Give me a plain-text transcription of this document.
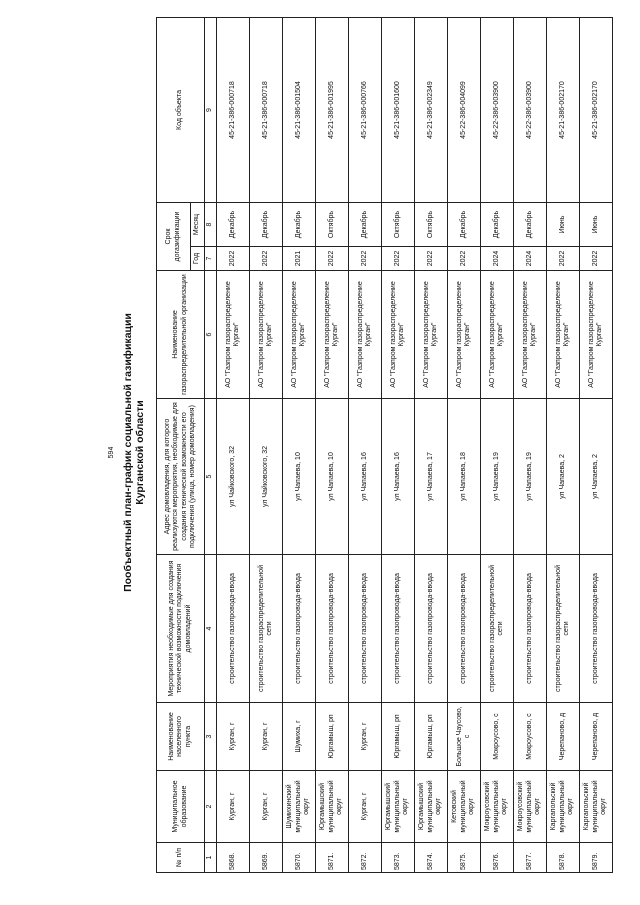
594 Пообъектный план-график социальной газификации Курганской области
№ п/п	Муниципальное образование	Наименование населенного пункта	Мероприятия необходимые для создания технической возможности подключения домовладений	Адрес домовладения, для которого реализуются мероприятия, необходимые для создания технической возможности его подключения (улица, номер домовладения)	Наименование газораспределительной организации	Срок догазификации		Код объекта
						Год	Месяц	
1	2	3	4	5	6	7	8	9
5868.	Курган, г	Курган, г	строительство газопровода-ввода	ул Чайковского, 32	АО "Газпром газораспределение Курган"	2022	Декабрь	45-21-386-000718
5869.	Курган, г	Курган, г	строительство газораспределительной сети	ул Чайковского, 32	АО "Газпром газораспределение Курган"	2022	Декабрь	45-21-386-000718
5870.	Шумихинский муниципальный округ	Шумиха, г	строительство газопровода-ввода	ул Чапаева, 10	АО "Газпром газораспределение Курган"	2021	Декабрь	45-21-386-001504
5871.	Юргамышский муниципальный округ	Юргамыш, рп	строительство газопровода-ввода	ул Чапаева, 10	АО "Газпром газораспределение Курган"	2022	Октябрь	45-21-386-001995
5872.	Курган, г	Курган, г	строительство газопровода-ввода	ул Чапаева, 16	АО "Газпром газораспределение Курган"	2022	Декабрь	45-21-386-000766
5873.	Юргамышский муниципальный округ	Юргамыш, рп	строительство газопровода-ввода	ул Чапаева, 16	АО "Газпром газораспределение Курган"	2022	Октябрь	45-21-386-001600
5874.	Юргамышский муниципальный округ	Юргамыш, рп	строительство газопровода-ввода	ул Чапаева, 17	АО "Газпром газораспределение Курган"	2022	Октябрь	45-21-386-002349
5875.	Кетовский муниципальный округ	Большое Чаусово, с	строительство газопровода-ввода	ул Чапаева, 18	АО "Газпром газораспределение Курган"	2022	Декабрь	45-22-386-004099
5876.	Мокроусовский муниципальный округ	Мокроусово, с	строительство газораспределительной сети	ул Чапаева, 19	АО "Газпром газораспределение Курган"	2024	Декабрь	45-22-386-003900
5877.	Мокроусовский муниципальный округ	Мокроусово, с	строительство газопровода-ввода	ул Чапаева, 19	АО "Газпром газораспределение Курган"	2024	Декабрь	45-22-386-003900
5878.	Каргапольский муниципальный округ	Черепаново, д	строительство газораспределительной сети	ул Чапаева, 2	АО "Газпром газораспределение Курган"	2022	Июнь	45-21-386-002170
5879.	Каргапольский муниципальный округ	Черепаново, д	строительство газопровода-ввода	ул Чапаева, 2	АО "Газпром газораспределение Курган"	2022	Июнь	45-21-386-002170
